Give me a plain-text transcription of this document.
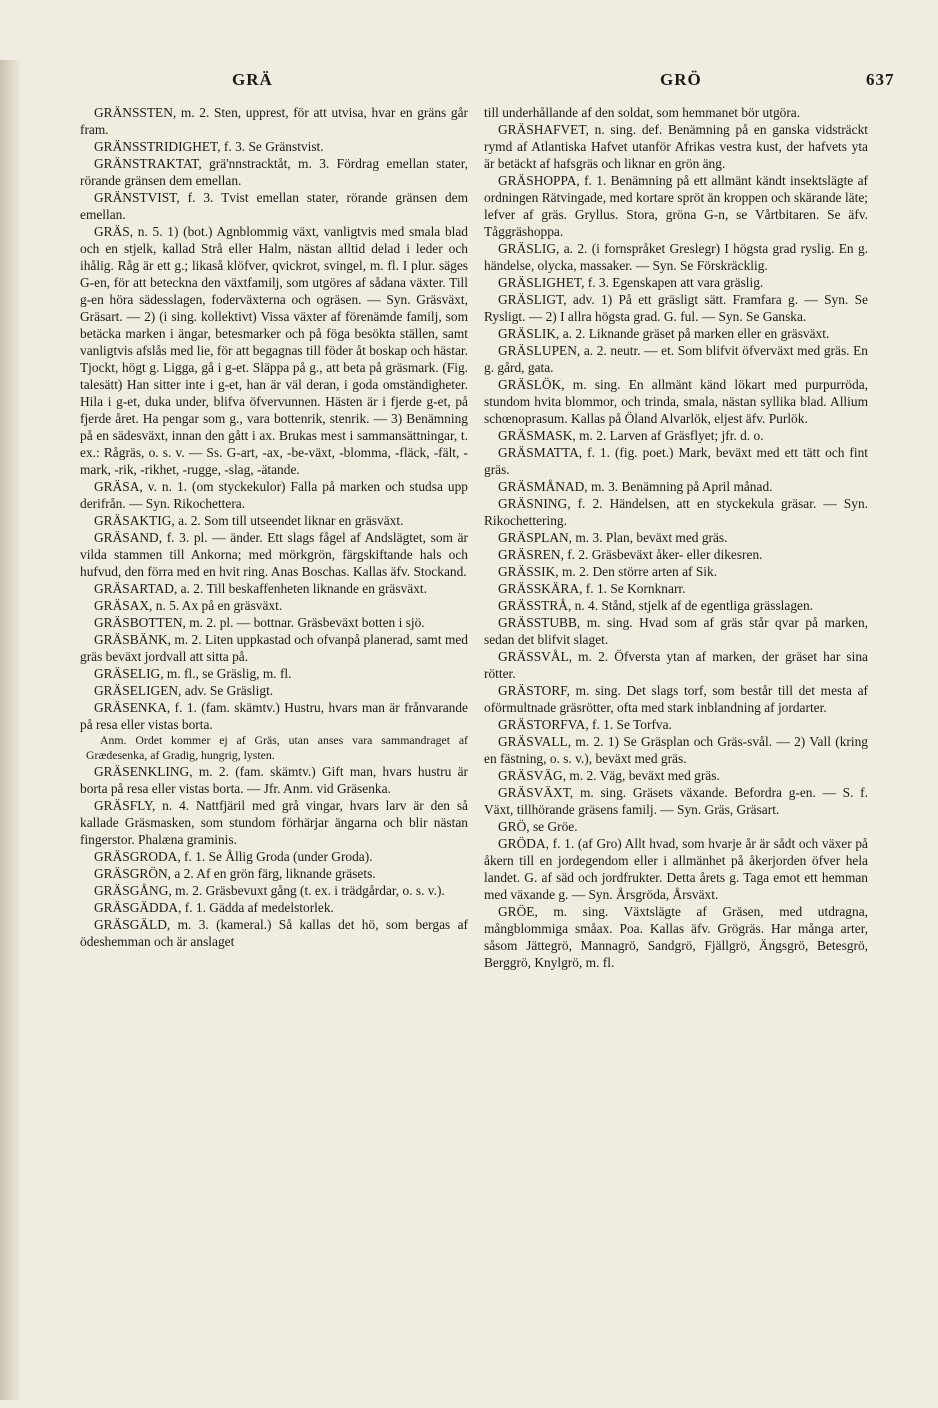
GRÄ	GRÖ	637

GRÄNSSTEN, m. 2. Sten, upprest, för att utvisa, hvar en gräns går fram.

GRÄNSSTRIDIGHET, f. 3. Se Gränstvist.

GRÄNSTRAKTAT, grä'nnstracktåt, m. 3. Fördrag emellan stater, rörande gränsen dem emellan.

GRÄNSTVIST, f. 3. Tvist emellan stater, rörande gränsen dem emellan.

GRÄS, n. 5. 1) (bot.) Agnblommig växt, vanligtvis med smala blad och en stjelk, kallad Strå eller Halm, nästan alltid delad i leder och ihålig. Råg är ett g.; likaså klöfver, qvickrot, svingel, m. fl. I plur. säges G-en, för att beteckna den växtfamilj, som utgöres af sådana växter. Till g-en höra sädesslagen, foderväxterna och ogräsen. — Syn. Gräsväxt, Gräsart. — 2) (i sing. kollektivt) Vissa växter af förenämde familj, som betäcka marken i ängar, betesmarker och på föga besökta ställen, samt vanligtvis afslås med lie, för att begagnas till föder åt boskap och hästar. Tjockt, högt g. Ligga, gå i g-et. Släppa på g., att beta på gräsmark. (Fig. talesätt) Han sitter inte i g-et, han är väl deran, i goda omständigheter. Hila i g-et, duka under, blifva öfvervunnen. Hästen är i fjerde g-et, på fjerde året. Ha pengar som g., vara bottenrik, stenrik. — 3) Benämning på en sädesväxt, innan den gått i ax. Brukas mest i sammansättningar, t. ex.: Rågräs, o. s. v. — Ss. G-art, -ax, -be-växt, -blomma, -fläck, -fält, -mark, -rik, -rikhet, -rugge, -slag, -ätande.

GRÄSA, v. n. 1. (om styckekulor) Falla på marken och studsa upp derifrån. — Syn. Rikochettera.

GRÄSAKTIG, a. 2. Som till utseendet liknar en gräsväxt.

GRÄSAND, f. 3. pl. — änder. Ett slags fågel af Andslägtet, som är vilda stammen till Ankorna; med mörkgrön, färgskiftande hals och hufvud, den förra med en hvit ring. Anas Boschas. Kallas äfv. Stockand.

GRÄSARTAD, a. 2. Till beskaffenheten liknande en gräsväxt.

GRÄSAX, n. 5. Ax på en gräsväxt.

GRÄSBOTTEN, m. 2. pl. — bottnar. Gräsbeväxt botten i sjö.

GRÄSBÄNK, m. 2. Liten uppkastad och ofvanpå planerad, samt med gräs beväxt jordvall att sitta på.

GRÄSELIG, m. fl., se Gräslig, m. fl.

GRÄSELIGEN, adv. Se Gräsligt.

GRÄSENKA, f. 1. (fam. skämtv.) Hustru, hvars man är frånvarande på resa eller vistas borta.

Anm. Ordet kommer ej af Gräs, utan anses vara sammandraget af Grædesenka, af Gradig, hungrig, lysten.

GRÄSENKLING, m. 2. (fam. skämtv.) Gift man, hvars hustru är borta på resa eller vistas borta. — Jfr. Anm. vid Gräsenka.

GRÄSFLY, n. 4. Nattfjäril med grå vingar, hvars larv är den så kallade Gräsmasken, som stundom förhärjar ängarna och blir nästan fingerstor. Phalæna graminis.

GRÄSGRODA, f. 1. Se Ållig Groda (under Groda).

GRÄSGRÖN, a 2. Af en grön färg, liknande gräsets.

GRÄSGÅNG, m. 2. Gräsbevuxt gång (t. ex. i trädgårdar, o. s. v.).

GRÄSGÄDDA, f. 1. Gädda af medelstorlek.

GRÄSGÄLD, m. 3. (kameral.) Så kallas det hö, som bergas af ödeshemman och är anslaget

till underhållande af den soldat, som hemmanet bör utgöra.

GRÄSHAFVET, n. sing. def. Benämning på en ganska vidsträckt rymd af Atlantiska Hafvet utanför Afrikas vestra kust, der hafvets yta är betäckt af hafsgräs och liknar en grön äng.

GRÄSHOPPA, f. 1. Benämning på ett allmänt kändt insektslägte af ordningen Rätvingade, med kortare spröt än kroppen och skärande läte; lefver af gräs. Gryllus. Stora, gröna G-n, se Vårtbitaren. Se äfv. Tåggräshoppa.

GRÄSLIG, a. 2. (i fornspråket Greslegr) I högsta grad ryslig. En g. händelse, olycka, massaker. — Syn. Se Förskräcklig.

GRÄSLIGHET, f. 3. Egenskapen att vara gräslig.

GRÄSLIGT, adv. 1) På ett gräsligt sätt. Framfara g. — Syn. Se Rysligt. — 2) I allra högsta grad. G. ful. — Syn. Se Ganska.

GRÄSLIK, a. 2. Liknande gräset på marken eller en gräsväxt.

GRÄSLUPEN, a. 2. neutr. — et. Som blifvit öfverväxt med gräs. En g. gård, gata.

GRÄSLÖK, m. sing. En allmänt känd lökart med purpurröda, stundom hvita blommor, och trinda, smala, nästan syllika blad. Allium schœnoprasum. Kallas på Öland Alvarlök, eljest äfv. Purlök.

GRÄSMASK, m. 2. Larven af Gräsflyet; jfr. d. o.

GRÄSMATTA, f. 1. (fig. poet.) Mark, beväxt med ett tätt och fint gräs.

GRÄSMÅNAD, m. 3. Benämning på April månad.

GRÄSNING, f. 2. Händelsen, att en styckekula gräsar. — Syn. Rikochettering.

GRÄSPLAN, m. 3. Plan, beväxt med gräs.

GRÄSREN, f. 2. Gräsbeväxt åker- eller dikesren.

GRÄSSIK, m. 2. Den större arten af Sik.

GRÄSSKÄRA, f. 1. Se Kornknarr.

GRÄSSTRÅ, n. 4. Stånd, stjelk af de egentliga grässlagen.

GRÄSSTUBB, m. sing. Hvad som af gräs står qvar på marken, sedan det blifvit slaget.

GRÄSSVÅL, m. 2. Öfversta ytan af marken, der gräset har sina rötter.

GRÄSTORF, m. sing. Det slags torf, som består till det mesta af oförmultnade gräsrötter, ofta med stark inblandning af jordarter.

GRÄSTORFVA, f. 1. Se Torfva.

GRÄSVALL, m. 2. 1) Se Gräsplan och Gräs-svål. — 2) Vall (kring en fästning, o. s. v.), beväxt med gräs.

GRÄSVÄG, m. 2. Väg, beväxt med gräs.

GRÄSVÄXT, m. sing. Gräsets växande. Befordra g-en. — S. f. Växt, tillhörande gräsens familj. — Syn. Gräs, Gräsart.

GRÖ, se Gröe.

GRÖDA, f. 1. (af Gro) Allt hvad, som hvarje år är sådt och växer på åkern till en jordegendom eller i allmänhet på åkerjorden öfver hela landet. G. af säd och jordfrukter. Detta årets g. Taga emot ett hemman med växande g. — Syn. Årsgröda, Årsväxt.

GRÖE, m. sing. Växtslägte af Gräsen, med utdragna, mångblommiga småax. Poa. Kallas äfv. Grögräs. Har många arter, såsom Jättegrö, Mannagrö, Sandgrö, Fjällgrö, Ängsgrö, Betesgrö, Berggrö, Knylgrö, m. fl.
